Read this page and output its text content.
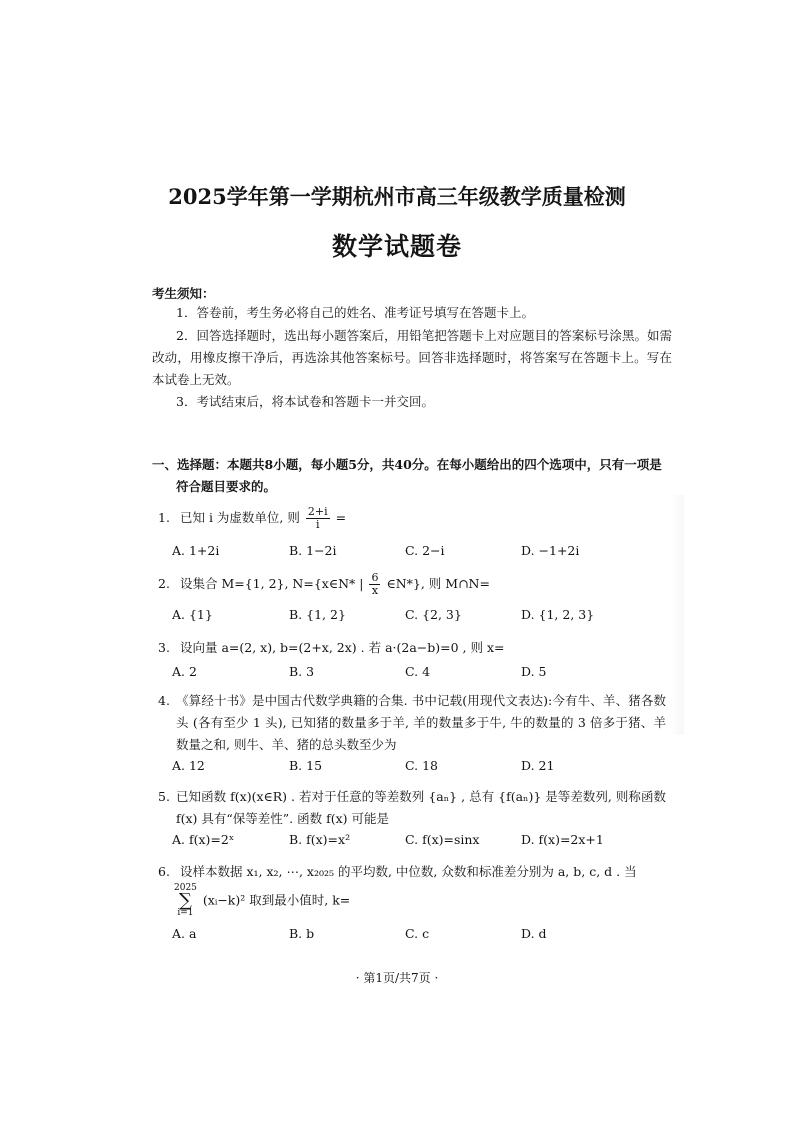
2025学年第一学期杭州市高三年级教学质量检测
数学试题卷
考生须知：
1．答卷前，考生务必将自己的姓名、准考证号填写在答题卡上。
2．回答选择题时，选出每小题答案后，用铅笔把答题卡上对应题目的答案标号涂黑。如需改动，用橡皮擦干净后，再选涂其他答案标号。回答非选择题时，将答案写在答题卡上。写在本试卷上无效。
3．考试结束后，将本试卷和答题卡一并交回。
一、选择题：本题共8小题，每小题5分，共40分。在每小题给出的四个选项中，只有一项是符合题目要求的。
1. 已知 i 为虚数单位, 则 $\frac{2+i}{i}$ =
A. 1+2i	B. 1−2i	C. 2−i	D. −1+2i
2. 设集合 M={1, 2}, N={x∈N* | $\frac{6}{x}$ ∈N*}, 则 M∩N=
A. {1}	B. {1, 2}	C. {2, 3}	D. {1, 2, 3}
3. 设向量 a=(2, x), b=(2+x, 2x) . 若 a·(2a−b)=0 , 则 x=
A. 2	B. 3	C. 4	D. 5
4. 《算经十书》是中国古代数学典籍的合集. 书中记载(用现代文表达):今有牛、羊、猪各数头 (各有至少 1 头), 已知猪的数量多于羊, 羊的数量多于牛, 牛的数量的 3 倍多于猪、羊数量之和, 则牛、羊、猪的总头数至少为
A. 12	B. 15	C. 18	D. 21
5. 已知函数 f(x)(x∈R) . 若对于任意的等差数列 {aₙ} , 总有 {f(aₙ)} 是等差数列, 则称函数 f(x) 具有“保等差性”. 函数 f(x) 可能是
A. f(x)=2ˣ	B. f(x)=x²	C. f(x)=sinx	D. f(x)=2x+1
6. 设样本数据 x₁, x₂, ⋯, x₂₀₂₅ 的平均数, 中位数, 众数和标准差分别为 a, b, c, d . 当
2025
∑
i=1 (xᵢ−k)² 取到最小值时, k=
A. a	B. b	C. c	D. d
· 第1页/共7页 ·
